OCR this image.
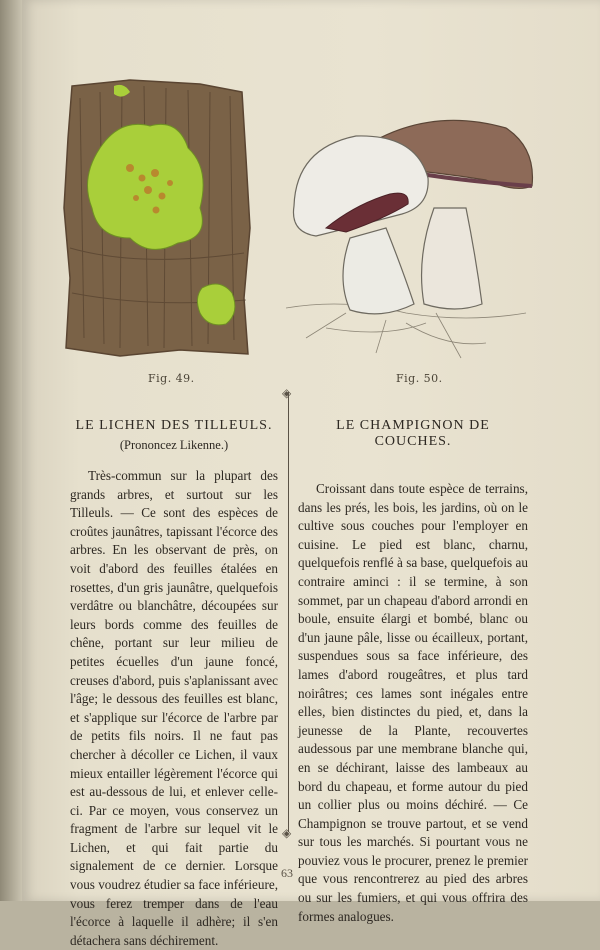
Fig. 49.	Fig. 50.
◈
◈
LE LICHEN DES TILLEULS.
(Prononcez Likenne.)

Très-commun sur la plupart des grands arbres, et surtout sur les Tilleuls. — Ce sont des espèces de croûtes jaunâtres, tapissant l'écorce des arbres. En les observant de près, on voit d'abord des feuilles étalées en rosettes, d'un gris jaunâtre, quelquefois verdâtre ou blanchâtre, découpées sur leurs bords comme des feuilles de chêne, portant sur leur milieu de petites écuelles d'un jaune foncé, creuses d'abord, puis s'aplanissant avec l'âge; le dessous des feuilles est blanc, et s'applique sur l'écorce de l'arbre par de petits fils noirs. Il ne faut pas chercher à décoller ce Lichen, il vaux mieux entailler légèrement l'écorce qui est au-dessous de lui, et enlever celle-ci. Par ce moyen, vous conservez un fragment de l'arbre sur lequel vit le Lichen, et qui fait partie du signalement de ce dernier. Lorsque vous voudrez étudier sa face inférieure, vous ferez tremper dans de l'eau l'écorce à laquelle il adhère; il s'en détachera sans déchirement.

LE CHAMPIGNON DE COUCHES.

Croissant dans toute espèce de terrains, dans les prés, les bois, les jardins, où on le cultive sous couches pour l'employer en cuisine. Le pied est blanc, charnu, quelquefois renflé à sa base, quelquefois au contraire aminci : il se termine, à son sommet, par un chapeau d'abord arrondi en boule, ensuite élargi et bombé, blanc ou d'un jaune pâle, lisse ou écailleux, portant, suspendues sous sa face inférieure, des lames d'abord rougeâtres, et plus tard noirâtres; ces lames sont inégales entre elles, bien distinctes du pied, et, dans la jeunesse de la Plante, recouvertes audessous par une membrane blanche qui, en se déchirant, laisse des lambeaux au bord du chapeau, et forme autour du pied un collier plus ou moins déchiré. — Ce Champignon se trouve partout, et se vend sur tous les marchés. Si pourtant vous ne pouviez vous le procurer, prenez le premier que vous rencontrerez au pied des arbres ou sur les fumiers, et qui vous offrira des formes analogues.

63
